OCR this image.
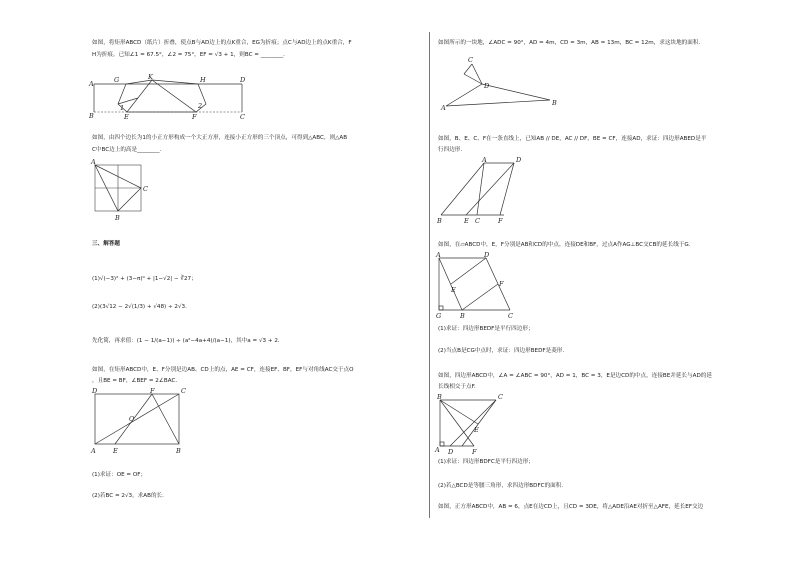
如图，将矩形ABCD（纸片）折叠，使点B与AD边上的点K重合，EG为折痕；点C与AD边上的点K重合，F
H为折痕。已知∠1 = 67.5°，∠2 = 75°，EF = √3 + 1，则BC = ________.
A	G	K	H	D
1	2
B	E	F	C
如图，由四个边长为1的小正方形构成一个大正方形，连接小正方形的三个顶点，可得到△ABC，则△AB
C中BC边上的高是________.
A
C
B
三、解答题
(1)√(−3)² + (3−π)⁰ + |1−√2| − ∛27；
(2)(3√12 − 2√(1/3) + √48) ÷ 2√3.
先化简，再求值：(1 − 1/(a−1)) ÷ (a²−4a+4)/(a−1)，其中a = √3 + 2.
如图，在矩形ABCD中，E、F分别是边AB、CD上的点，AE = CF，连接EF、BF，EF与对角线AC交于点O
，且BE = BF，∠BEF = 2∠BAC.
D	F	C
O
A	E	B
(1)求证：OE = OF；
(2)若BC = 2√3，求AB的长.
如图所示的一块地，∠ADC = 90°，AD = 4m，CD = 3m，AB = 13m，BC = 12m，求这块地的面积.
C
D
A
B
如图，B、E、C、F在一条直线上，已知AB // DE，AC // DF，BE = CF，连接AD，求证：四边形ABED是平
行四边形.
A	D
B	E C	F
如图，在▱ABCD中，E，F分别是AB和CD的中点，连接DE和BF，过点A作AG⊥BC交CB的延长线于G.
A	D
E
F
G	B	C
(1)求证：四边形BEDF是平行四边形；
(2)当点B是CG中点时，求证：四边形BEDF是菱形.
如图，四边形ABCD中，∠A = ∠ABC = 90°，AD = 1，BC = 3，E是边CD的中点，连接BE并延长与AD的延
长线相交于点F.
B	C
E
A D	F
(1)求证：四边形BDFC是平行四边形；
(2)若△BCD是等腰三角形，求四边形BDFC的面积.
如图，正方形ABCD中，AB = 6，点E在边CD上，且CD = 3DE，将△ADE沿AE对折至△AFE，延长EF交边
